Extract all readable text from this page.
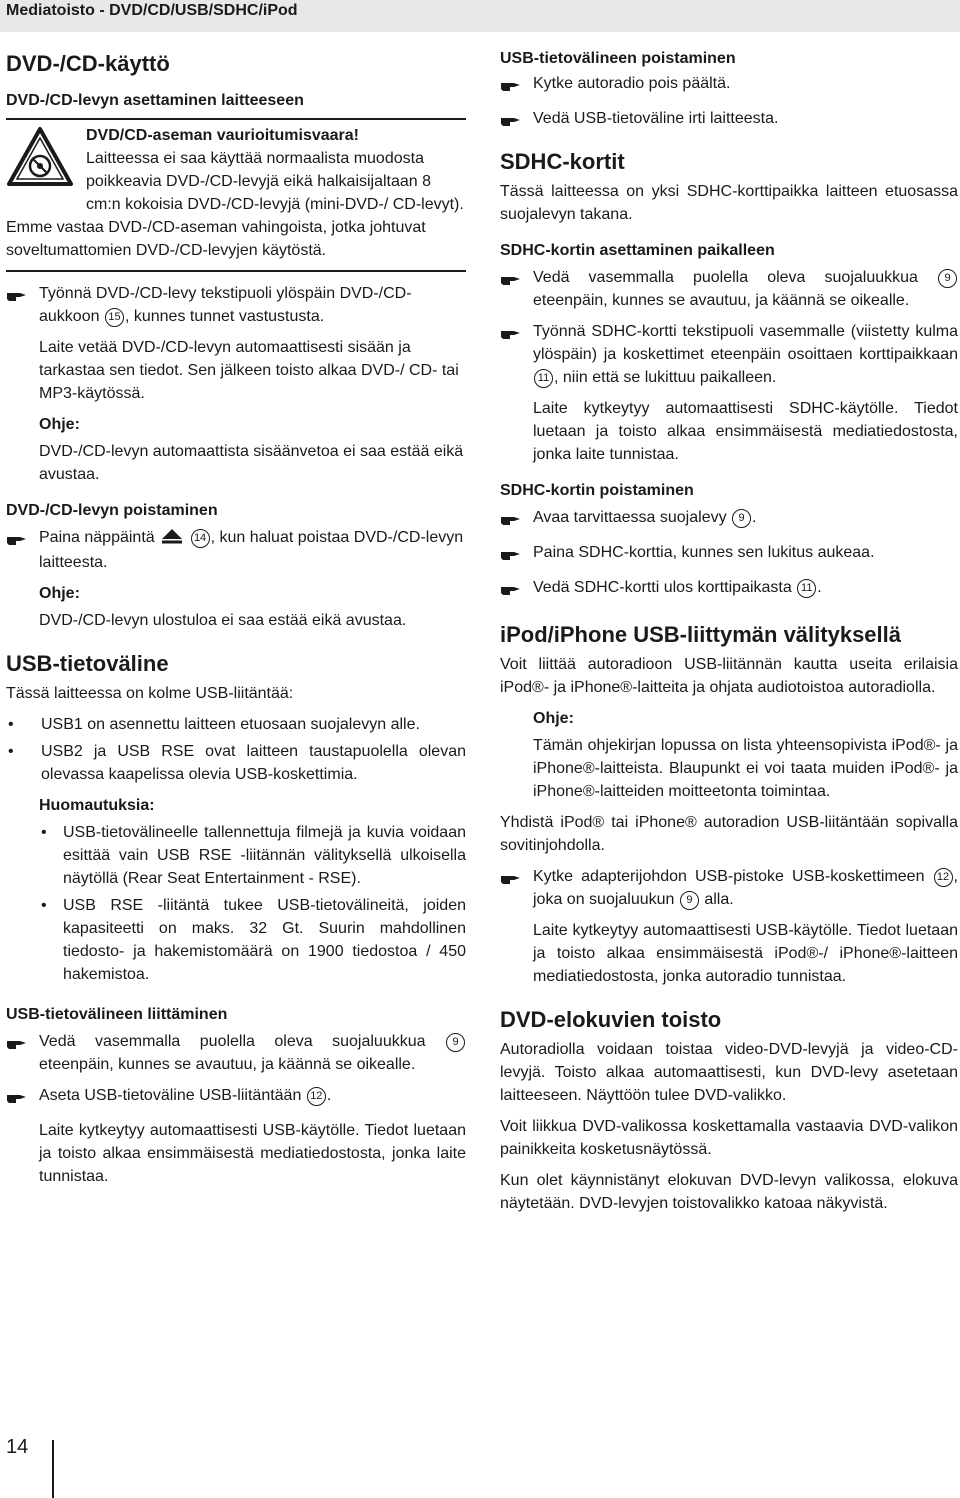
Mediatoisto - DVD/CD/USB/SDHC/iPod
DVD-/CD-käyttö
DVD-/CD-levyn asettaminen laitteeseen
DVD/CD-aseman vaurioitumisvaara!

Laitteessa ei saa käyttää normaalista muodosta poikkeavia DVD-/CD-levyjä eikä halkaisijaltaan 8 cm:n kokoisia DVD-/CD-levyjä (mini-DVD-/ CD-levyt).

Emme vastaa DVD-/CD-aseman vahingoista, jotka johtuvat soveltumattomien DVD-/CD-levyjen käytöstä.

Työnnä DVD-/CD-levy tekstipuoli ylöspäin DVD-/CD-aukkoon 15 , kunnes tunnet vastustusta.

Laite vetää DVD-/CD-levyn automaattisesti sisään ja tarkastaa sen tiedot. Sen jälkeen toisto alkaa DVD-/ CD- tai MP3-käytössä.

Ohje:

DVD-/CD-levyn automaattista sisäänvetoa ei saa estää eikä avustaa.

DVD-/CD-levyn poistaminen
Paina näppäintä	14 , kun haluat poistaa DVD-/CD-levyn laitteesta.

Ohje:

DVD-/CD-levyn ulostuloa ei saa estää eikä avustaa.

USB-tietoväline

Tässä laitteessa on kolme USB-liitäntää:

•	USB1 on asennettu laitteen etuosaan suojalevyn alle.
•	USB2 ja USB RSE ovat laitteen taustapuolella olevan olevassa kaapelissa olevia USB-koskettimia.

Huomautuksia:

•	USB-tietovälineelle tallennettuja filmejä ja kuvia voidaan esittää vain USB RSE -liitännän välityksellä ulkoisella näytöllä (Rear Seat Entertainment - RSE).
•	USB RSE -liitäntä tukee USB-tietovälineitä, joiden kapasiteetti on maks. 32 Gt. Suurin mahdollinen tiedosto- ja hakemistomäärä on 1900 tiedostoa / 450 hakemistoa.
USB-tietovälineen liittäminen
Vedä vasemmalla puolella oleva suojaluukkua 9 eteenpäin, kunnes se avautuu, ja käännä se oikealle.
Aseta USB-tietoväline USB-liitäntään 12 .

Laite kytkeytyy automaattisesti USB-käytölle. Tiedot luetaan ja toisto alkaa ensimmäisestä mediatiedostosta, jonka laite tunnistaa.

USB-tietovälineen poistaminen
Kytke autoradio pois päältä.
Vedä USB-tietoväline irti laitteesta.
SDHC-kortit

Tässä laitteessa on yksi SDHC-korttipaikka laitteen etuosassa suojalevyn takana.

SDHC-kortin asettaminen paikalleen
Vedä vasemmalla puolella oleva suojaluukkua 9 eteenpäin, kunnes se avautuu, ja käännä se oikealle.
Työnnä SDHC-kortti tekstipuoli vasemmalle (viistetty kulma ylöspäin) ja koskettimet eteenpäin osoittaen korttipaikkaan 11 , niin että se lukittuu paikalleen.

Laite kytkeytyy automaattisesti SDHC-käytölle. Tiedot luetaan ja toisto alkaa ensimmäisestä mediatiedostosta, jonka laite tunnistaa.

SDHC-kortin poistaminen
Avaa tarvittaessa suojalevy 9 .
Paina SDHC-korttia, kunnes sen lukitus aukeaa.
Vedä SDHC-kortti ulos korttipaikasta 11 .
iPod/iPhone USB-liittymän välityksellä

Voit liittää autoradioon USB-liitännän kautta useita erilaisia iPod®- ja iPhone®-laitteita ja ohjata audiotoistoa autoradiolla.

Ohje:

Tämän ohjekirjan lopussa on lista yhteensopivista iPod®- ja iPhone®-laitteista. Blaupunkt ei voi taata muiden iPod®- ja iPhone®-laitteiden moitteetonta toimintaa.

Yhdistä iPod® tai iPhone® autoradion USB-liitäntään sopivalla sovitinjohdolla.

Kytke adapterijohdon USB-pistoke USB-koskettimeen 12 , joka on suojaluukun 9 alla.

Laite kytkeytyy automaattisesti USB-käytölle. Tiedot luetaan ja toisto alkaa ensimmäisestä iPod®-/ iPhone®-laitteen mediatiedostosta, jonka autoradio tunnistaa.

DVD-elokuvien toisto

Autoradiolla voidaan toistaa video-DVD-levyjä ja video-CD-levyjä. Toisto alkaa automaattisesti, kun DVD-levy asetetaan laitteeseen. Näyttöön tulee DVD-valikko.

Voit liikkua DVD-valikossa koskettamalla vastaavia DVD-valikon painikkeita kosketusnäytössä.

Kun olet käynnistänyt elokuvan DVD-levyn valikossa, elokuva näytetään. DVD-levyjen toistovalikko katoaa näkyvistä.

14
